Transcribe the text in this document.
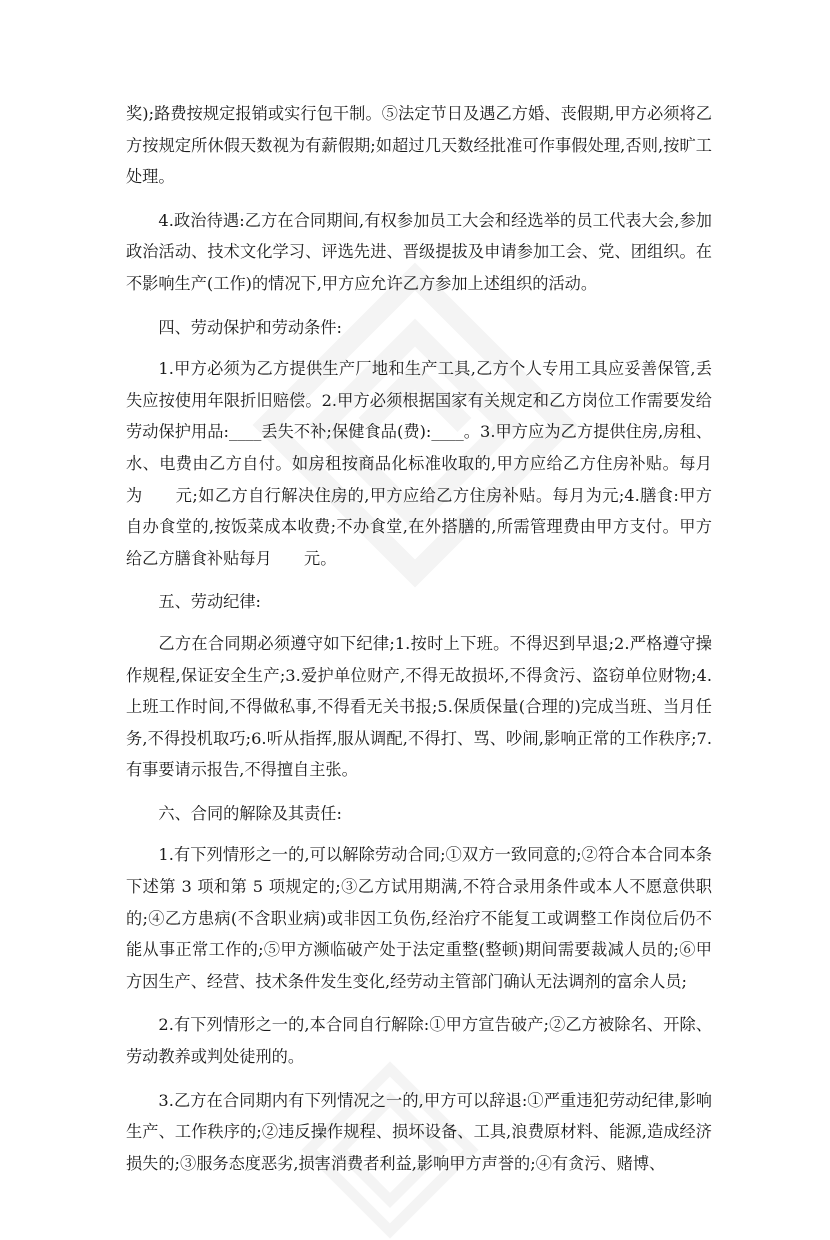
奖);路费按规定报销或实行包干制。⑤法定节日及遇乙方婚、丧假期,甲方必须将乙方按规定所休假天数视为有薪假期;如超过几天数经批准可作事假处理,否则,按旷工处理。

4.政治待遇:乙方在合同期间,有权参加员工大会和经选举的员工代表大会,参加政治活动、技术文化学习、评选先进、晋级提拔及申请参加工会、党、团组织。在不影响生产(工作)的情况下,甲方应允许乙方参加上述组织的活动。

四、劳动保护和劳动条件:

1.甲方必须为乙方提供生产厂地和生产工具,乙方个人专用工具应妥善保管,丢失应按使用年限折旧赔偿。2.甲方必须根据国家有关规定和乙方岗位工作需要发给劳动保护用品:____丢失不补;保健食品(费):____。3.甲方应为乙方提供住房,房租、水、电费由乙方自付。如房租按商品化标准收取的,甲方应给乙方住房补贴。每月为　　元;如乙方自行解决住房的,甲方应给乙方住房补贴。每月为元;4.膳食:甲方自办食堂的,按饭菜成本收费;不办食堂,在外搭膳的,所需管理费由甲方支付。甲方给乙方膳食补贴每月　　元。

五、劳动纪律:

乙方在合同期必须遵守如下纪律;1.按时上下班。不得迟到早退;2.严格遵守操作规程,保证安全生产;3.爱护单位财产,不得无故损坏,不得贪污、盗窃单位财物;4.上班工作时间,不得做私事,不得看无关书报;5.保质保量(合理的)完成当班、当月任务,不得投机取巧;6.听从指挥,服从调配,不得打、骂、吵闹,影响正常的工作秩序;7.有事要请示报告,不得擅自主张。

六、合同的解除及其责任:

1.有下列情形之一的,可以解除劳动合同;①双方一致同意的;②符合本合同本条下述第 3 项和第 5 项规定的;③乙方试用期满,不符合录用条件或本人不愿意供职的;④乙方患病(不含职业病)或非因工负伤,经治疗不能复工或调整工作岗位后仍不能从事正常工作的;⑤甲方濒临破产处于法定重整(整顿)期间需要裁减人员的;⑥甲方因生产、经营、技术条件发生变化,经劳动主管部门确认无法调剂的富余人员;

2.有下列情形之一的,本合同自行解除:①甲方宣告破产;②乙方被除名、开除、劳动教养或判处徒刑的。

3.乙方在合同期内有下列情况之一的,甲方可以辞退:①严重违犯劳动纪律,影响生产、工作秩序的;②违反操作规程、损坏设备、工具,浪费原材料、能源,造成经济损失的;③服务态度恶劣,损害消费者利益,影响甲方声誉的;④有贪污、赌博、
